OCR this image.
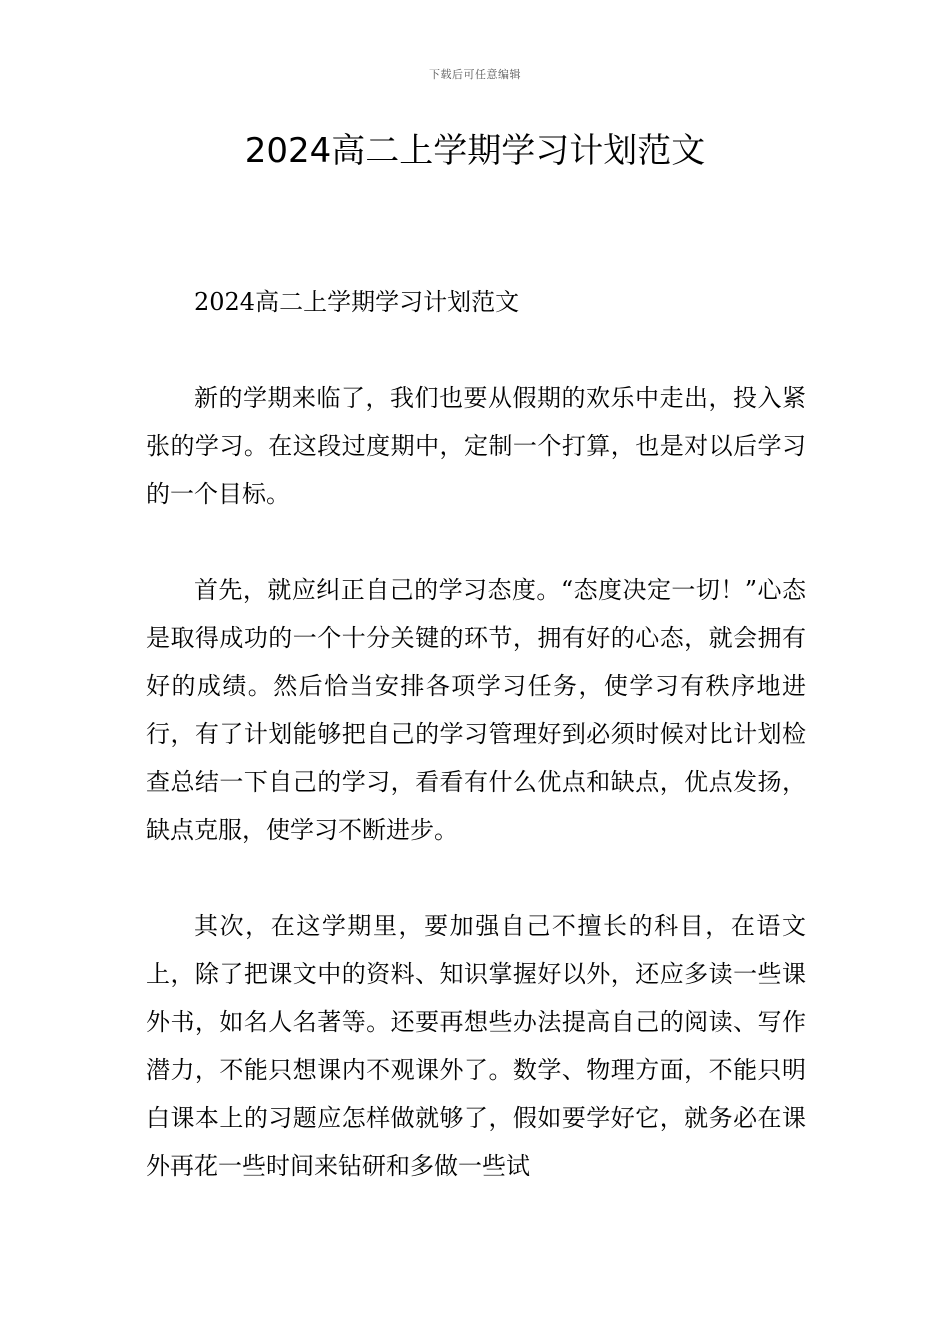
下载后可任意编辑
2024高二上学期学习计划范文

2024高二上学期学习计划范文

新的学期来临了，我们也要从假期的欢乐中走出，投入紧张的学习。在这段过度期中，定制一个打算，也是对以后学习的一个目标。

首先，就应纠正自己的学习态度。“态度决定一切！”心态是取得成功的一个十分关键的环节，拥有好的心态，就会拥有好的成绩。然后恰当安排各项学习任务，使学习有秩序地进行，有了计划能够把自己的学习管理好到必须时候对比计划检查总结一下自己的学习，看看有什么优点和缺点，优点发扬，缺点克服，使学习不断进步。

其次，在这学期里，要加强自己不擅长的科目，在语文上，除了把课文中的资料、知识掌握好以外，还应多读一些课外书，如名人名著等。还要再想些办法提高自己的阅读、写作潜力，不能只想课内不观课外了。数学、物理方面，不能只明白课本上的习题应怎样做就够了，假如要学好它，就务必在课外再花一些时间来钻研和多做一些试
